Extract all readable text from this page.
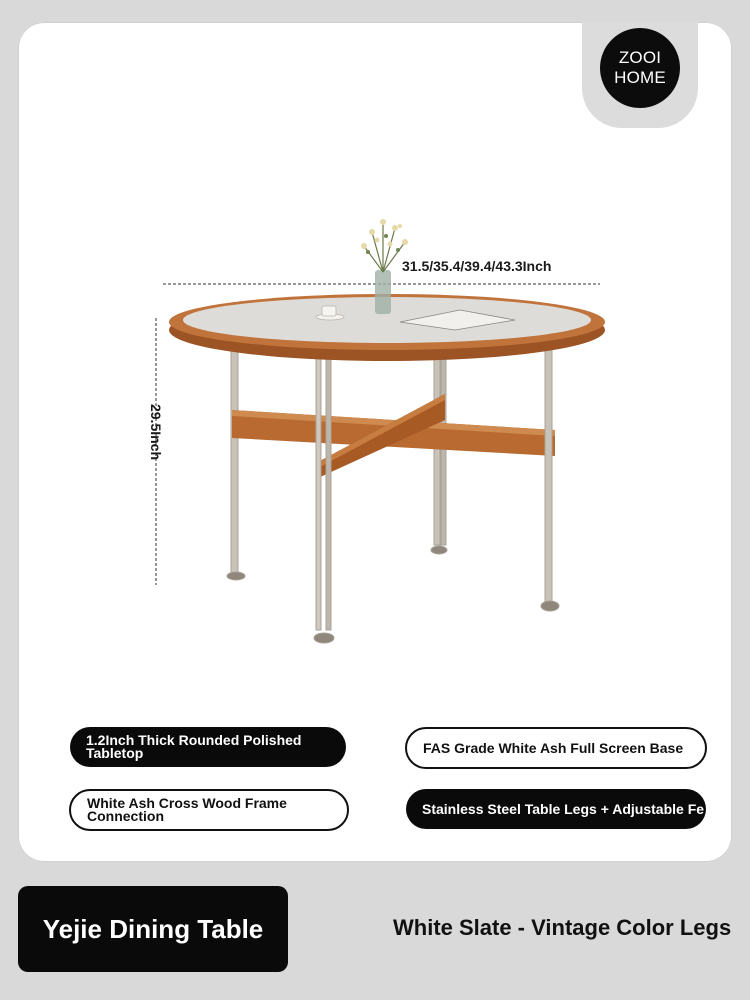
ZOOI
HOME
31.5/35.4/39.4/43.3Inch
29.5Inch
1.2Inch Thick Rounded Polished Tabletop	FAS Grade White Ash Full Screen Base
White Ash Cross Wood Frame Connection	Stainless Steel Table Legs + Adjustable Fe
Yejie Dining Table	White Slate - Vintage Color Legs
